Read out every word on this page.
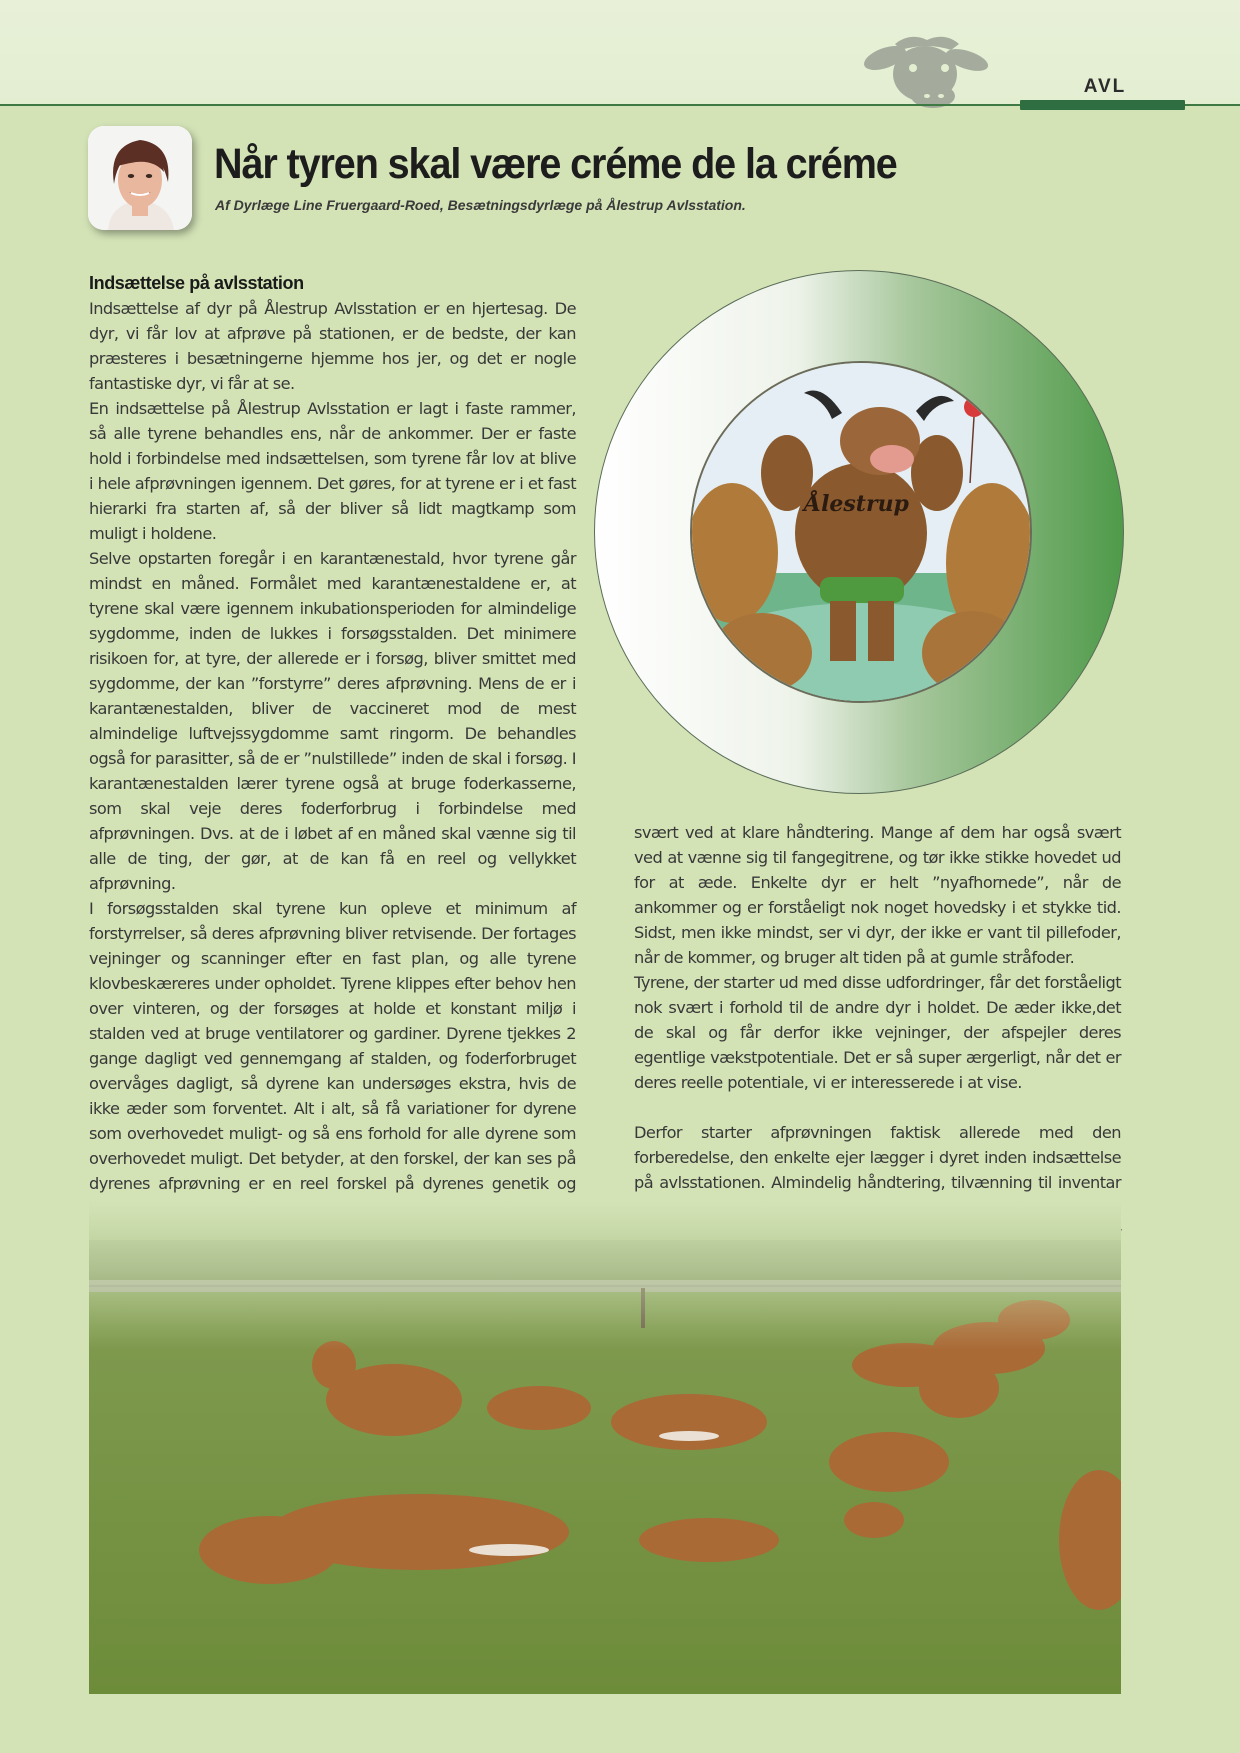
AVL
Når tyren skal være créme de la créme
Af Dyrlæge Line Fruergaard-Roed, Besætningsdyrlæge på Ålestrup Avlsstation.
Indsættelse på avlsstation

Indsættelse af dyr på Ålestrup Avlsstation er en hjertesag. De dyr, vi får lov at afprøve på stationen, er de bedste, der kan præsteres i besætningerne hjemme hos jer, og det er nogle fantastiske dyr, vi får at se.

En indsættelse på Ålestrup Avlsstation er lagt i faste rammer, så alle tyrene behandles ens, når de ankommer. Der er faste hold i forbindelse med indsættelsen, som tyrene får lov at blive i hele afprøvningen igennem. Det gøres, for at tyrene er i et fast hierarki fra starten af, så der bliver så lidt magtkamp som muligt i holdene.

Selve opstarten foregår i en karantænestald, hvor tyrene går mindst en måned. Formålet med karantænestaldene er, at tyrene skal være igennem inkubationsperioden for almindelige sygdomme, inden de lukkes i forsøgsstalden. Det minimere risikoen for, at tyre, der allerede er i forsøg, bliver smittet med sygdomme, der kan ”forstyrre” deres afprøvning. Mens de er i karantænestalden, bliver de vaccineret mod de mest almindelige luftvejssygdomme samt ringorm. De behandles også for parasitter, så de er ”nulstillede” inden de skal i forsøg. I karantænestalden lærer tyrene også at bruge foderkasserne, som skal veje deres foderforbrug i forbindelse med afprøvningen. Dvs. at de i løbet af en måned skal vænne sig til alle de ting, der gør, at de kan få en reel og vellykket afprøvning.

I forsøgsstalden skal tyrene kun opleve et minimum af forstyrrelser, så deres afprøvning bliver retvisende. Der fortages vejninger og scanninger efter en fast plan, og alle tyrene klovbeskæreres under opholdet. Tyrene klippes efter behov hen over vinteren, og der forsøges at holde et konstant miljø i stalden ved at bruge ventilatorer og gardiner. Dyrene tjekkes 2 gange dagligt ved gennemgang af stalden, og foderforbruget overvåges dagligt, så dyrene kan undersøges ekstra, hvis de ikke æder som forventet. Alt i alt, så få variationer for dyrene som overhovedet muligt- og så ens forhold for alle dyrene som overhovedet muligt. Det betyder, at den forskel, der kan ses på dyrenes afprøvning er en reel forskel på dyrenes genetik og

Ålestrup

svært ved at klare håndtering. Mange af dem har også svært ved at vænne sig til fangegitrene, og tør ikke stikke hovedet ud for at æde. Enkelte dyr er helt ”nyafhornede”, når de ankommer og er forståeligt nok noget hovedsky i et stykke tid. Sidst, men ikke mindst, ser vi dyr, der ikke er vant til pillefoder, når de kommer, og bruger alt tiden på at gumle stråfoder.

Tyrene, der starter ud med disse udfordringer, får det forståeligt nok svært i forhold til de andre dyr i holdet. De æder ikke,det de skal og får derfor ikke vejninger, der afspejler deres egentlige vækstpotentiale. Det er så super ærgerligt, når det er deres reelle potentiale, vi er interesserede i at vise.

Derfor starter afprøvningen faktisk allerede med den forberedelse, den enkelte ejer lægger i dyret inden indsættelse på avlsstationen. Almindelig håndtering, tilvænning til inventar
